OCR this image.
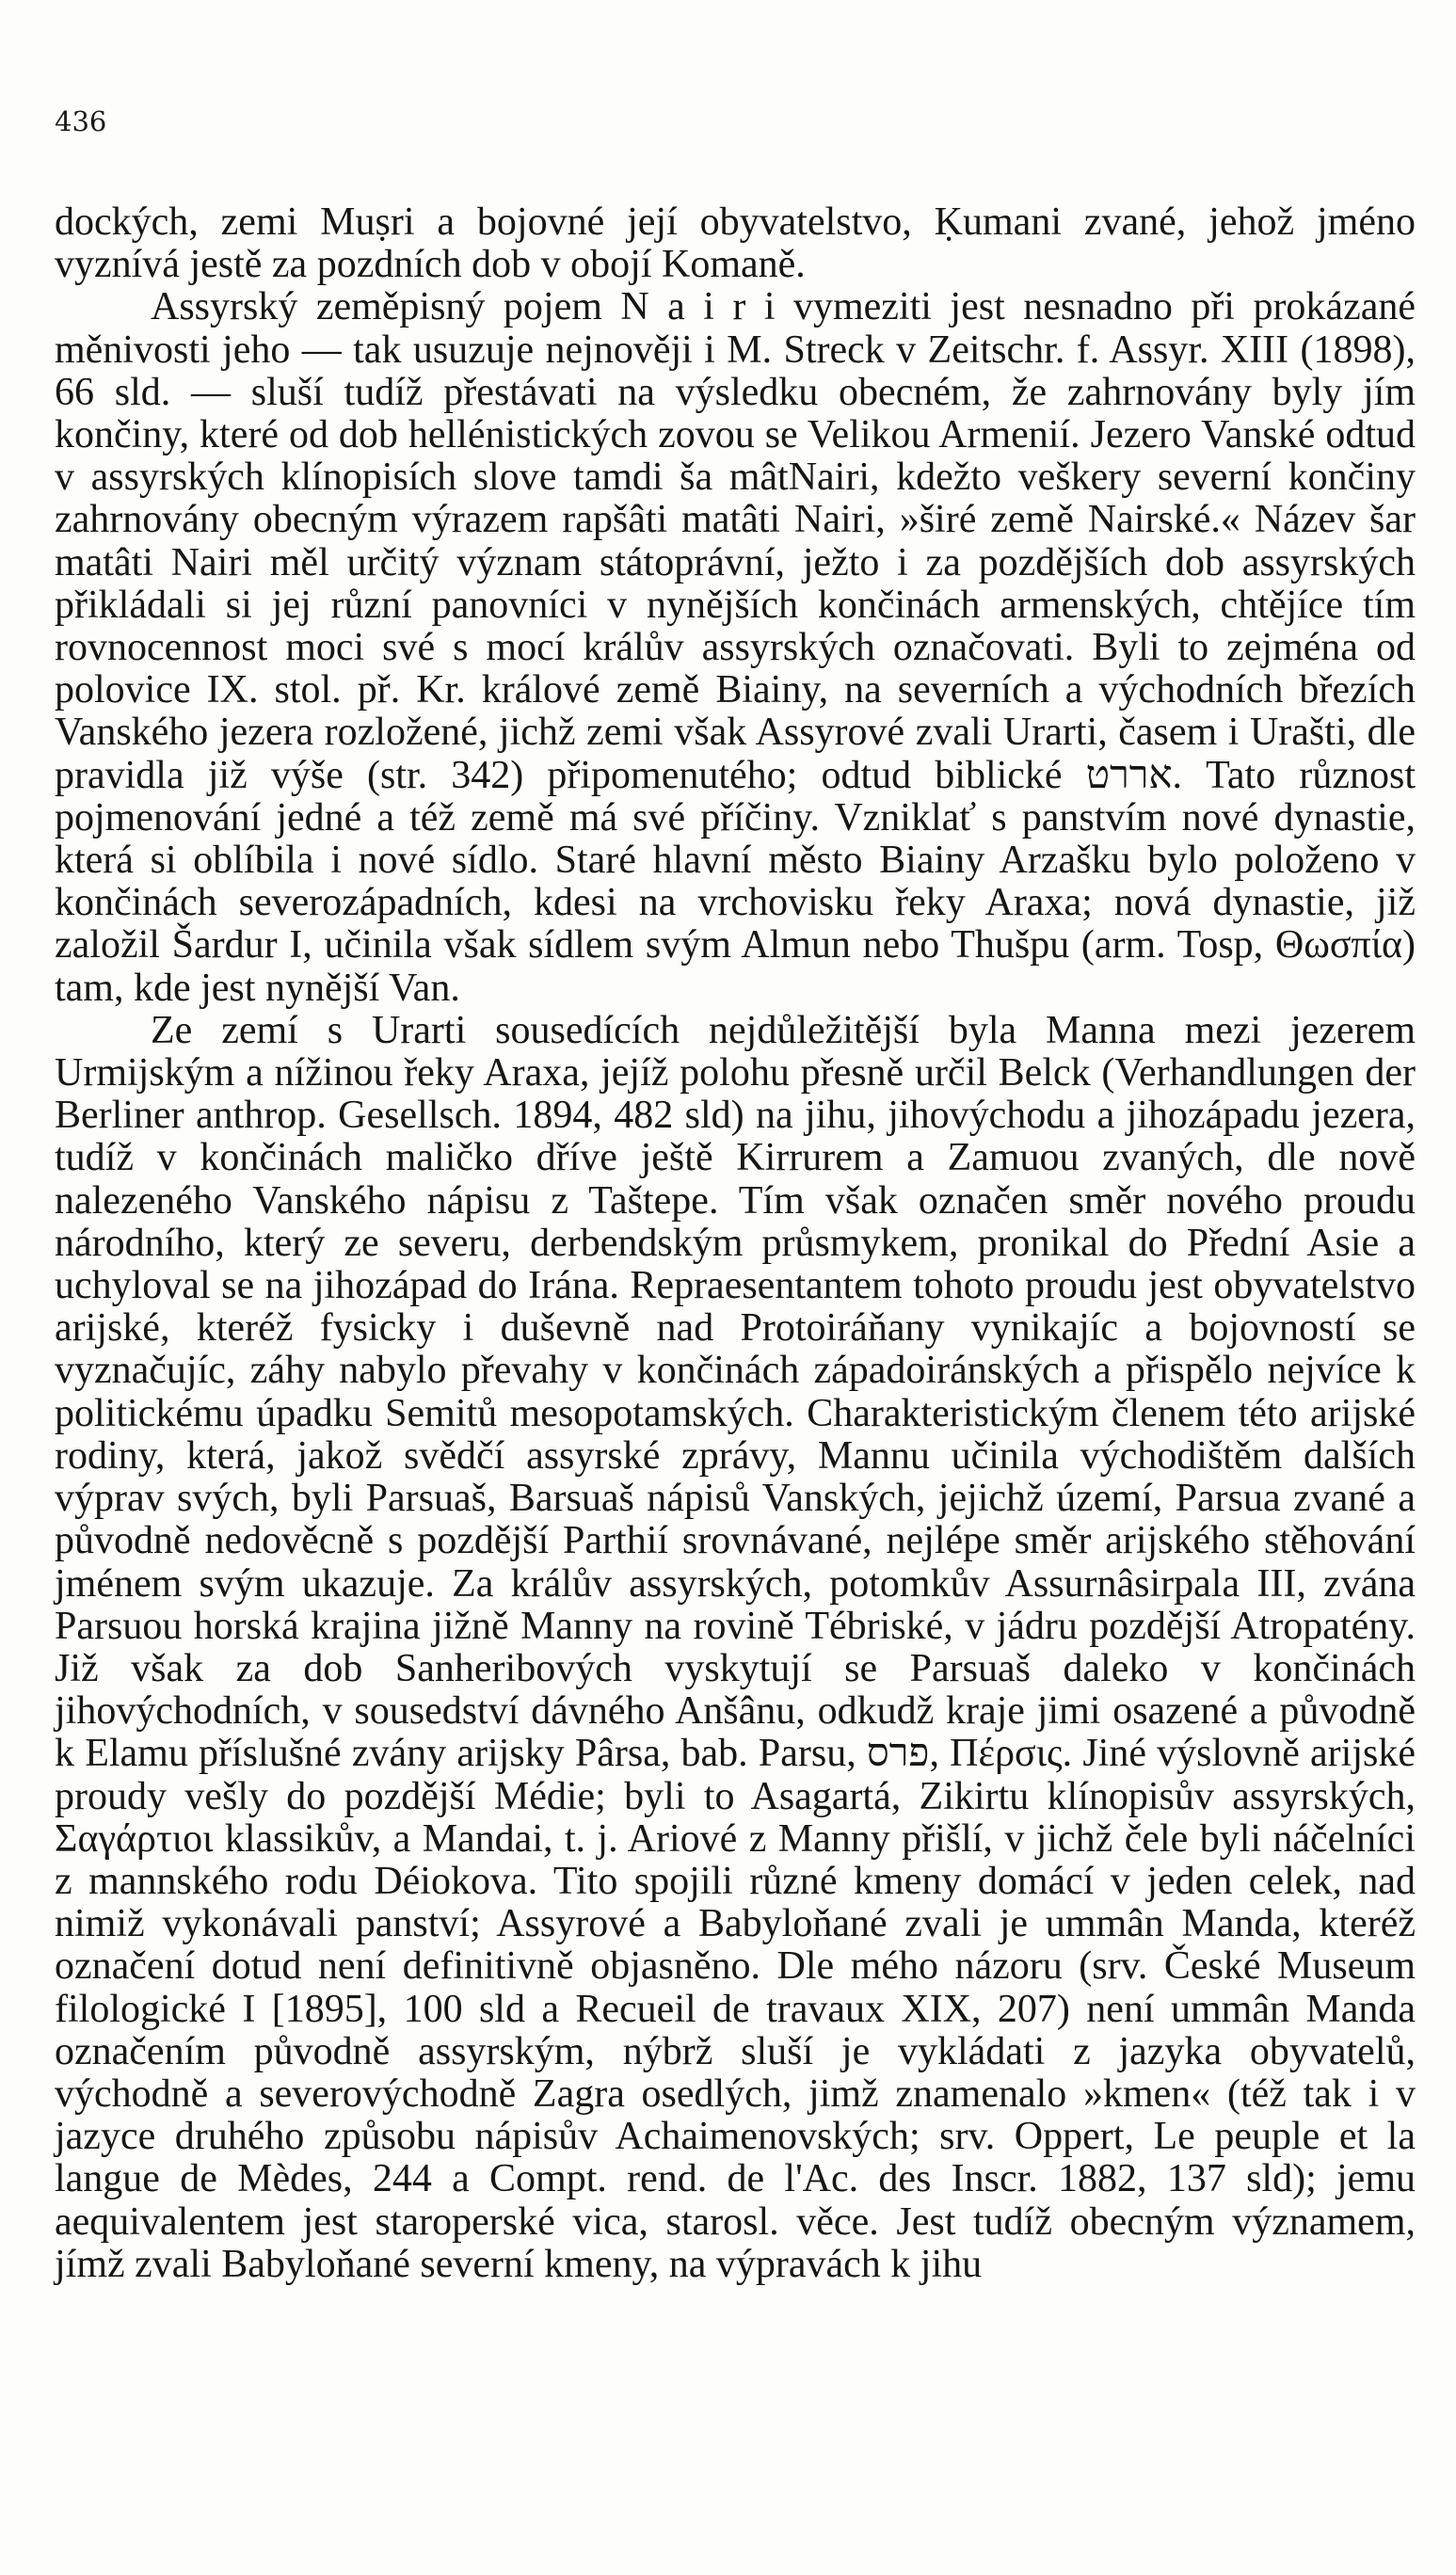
436

dockých, zemi Muṣri a bojovné její obyvatelstvo, Ḳumani zvané, jehož jméno vyznívá jestě za pozdních dob v obojí Komaně.

Assyrský zeměpisný pojem N a i r i vymeziti jest nesnadno při prokázané měnivosti jeho — tak usuzuje nejnověji i M. Streck v Zeitschr. f. Assyr. XIII (1898), 66 sld. — sluší tudíž přestávati na výsledku obecném, že zahrnovány byly jím končiny, které od dob hellénistických zovou se Velikou Armenií. Jezero Vanské odtud v assyrských klínopisích slove tamdi ša mâtNairi, kdežto veškery severní končiny zahrnovány obecným výrazem rapšâti matâti Nairi, »širé země Nairské.« Název šar matâti Nairi měl určitý význam státoprávní, ježto i za pozdějších dob assyrských přikládali si jej různí panovníci v nynějších končinách armenských, chtějíce tím rovnocennost moci své s mocí králův assyrských označovati. Byli to zejména od polovice IX. stol. př. Kr. králové země Biainy, na severních a východních březích Vanského jezera rozložené, jichž zemi však Assyrové zvali Urarti, časem i Urašti, dle pravidla již výše (str. 342) připomenutého; odtud biblické אררט. Tato různost pojmenování jedné a též země má své příčiny. Vzniklať s panstvím nové dynastie, která si oblíbila i nové sídlo. Staré hlavní město Biainy Arzašku bylo položeno v končinách severozápadních, kdesi na vrchovisku řeky Araxa; nová dynastie, již založil Šardur I, učinila však sídlem svým Almun nebo Thušpu (arm. Tosp, Θωσπία) tam, kde jest nynější Van.

Ze zemí s Urarti sousedících nejdůležitější byla Manna mezi jezerem Urmijským a nížinou řeky Araxa, jejíž polohu přesně určil Belck (Verhandlungen der Berliner anthrop. Gesellsch. 1894, 482 sld) na jihu, jihovýchodu a jihozápadu jezera, tudíž v končinách maličko dříve ještě Kirrurem a Zamuou zvaných, dle nově nalezeného Vanského nápisu z Taštepe. Tím však označen směr nového proudu národního, který ze severu, derbendským průsmykem, pronikal do Přední Asie a uchyloval se na jihozápad do Irána. Repraesentantem tohoto proudu jest obyvatelstvo arijské, kteréž fysicky i duševně nad Protoiráňany vynikajíc a bojovností se vyznačujíc, záhy nabylo převahy v končinách západoiránských a přispělo nejvíce k politickému úpadku Semitů mesopotamských. Charakteristickým členem této arijské rodiny, která, jakož svědčí assyrské zprávy, Mannu učinila východištěm dalších výprav svých, byli Parsuaš, Barsuaš nápisů Vanských, jejichž území, Parsua zvané a původně nedověcně s pozdější Parthií srovnávané, nejlépe směr arijského stěhování jménem svým ukazuje. Za králův assyrských, potomkův Assurnâsirpala III, zvána Parsuou horská krajina jižně Manny na rovině Tébriské, v jádru pozdější Atropatény. Již však za dob Sanheribových vyskytují se Parsuaš daleko v končinách jihovýchodních, v sousedství dávného Anšânu, odkudž kraje jimi osazené a původně k Elamu příslušné zvány arijsky Pârsa, bab. Parsu, פרס, Πέρσις. Jiné výslovně arijské proudy vešly do pozdější Médie; byli to Asagartá, Zikirtu klínopisův assyrských, Σαγάρτιοι klassikův, a Mandai, t. j. Ariové z Manny přišlí, v jichž čele byli náčelníci z mannského rodu Déiokova. Tito spojili různé kmeny domácí v jeden celek, nad nimiž vykonávali panství; Assyrové a Babyloňané zvali je ummân Manda, kteréž označení dotud není definitivně objasněno. Dle mého názoru (srv. České Museum filologické I [1895], 100 sld a Recueil de travaux XIX, 207) není ummân Manda označením původně assyrským, nýbrž sluší je vykládati z jazyka obyvatelů, východně a severovýchodně Zagra osedlých, jimž znamenalo »kmen« (též tak i v jazyce druhého způsobu nápisův Achaimenovských; srv. Oppert, Le peuple et la langue de Mèdes, 244 a Compt. rend. de l'Ac. des Inscr. 1882, 137 sld); jemu aequivalentem jest staroperské vica, starosl. věce. Jest tudíž obecným významem, jímž zvali Babyloňané severní kmeny, na výpravách k jihu
